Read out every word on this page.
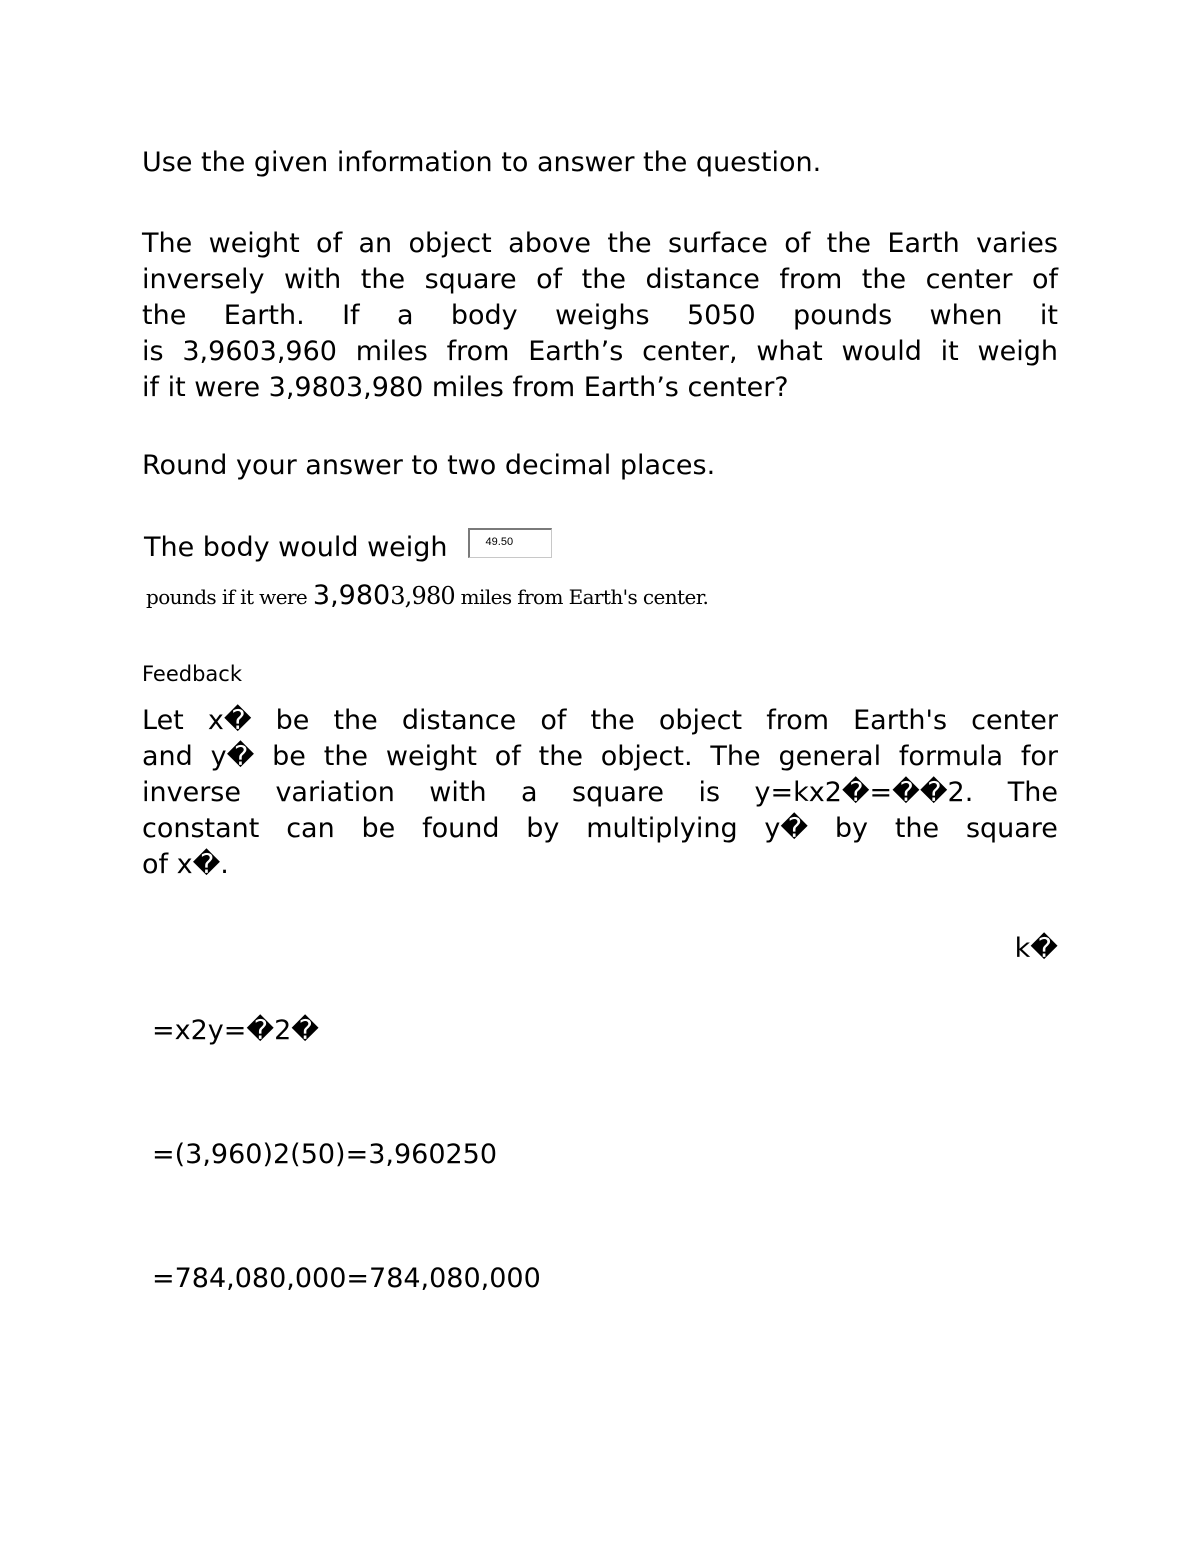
Use the given information to answer the question.
The weight of an object above the surface of the Earth varies
inversely with the square of the distance from the center of
the Earth. If a body weighs 5050 pounds when it
is 3,9603,960 miles from Earth’s center, what would it weigh
if it were 3,9803,980 miles from Earth’s center?
Round your answer to two decimal places.
The body would weigh	49.50
pounds if it were 3,9803,980 miles from Earth's center.
Feedback
Let x� be the distance of the object from Earth's center
and y� be the weight of the object. The general formula for
inverse variation with a square is y=kx2�=��2. The
constant can be found by multiplying y� by the square
of x�.
k�
=x2y=�2�
=(3,960)2(50)=3,960250
=784,080,000=784,080,000
